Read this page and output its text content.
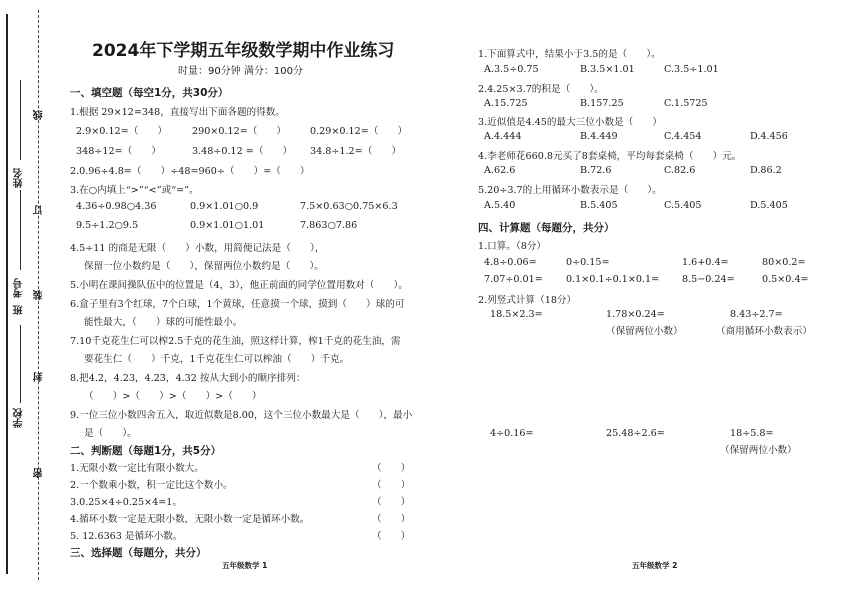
线
姓名
订
考号 装
班
封
学校
密
2024年下学期五年级数学期中作业练习
时量：90分钟 满分：100分
一、填空题（每空1分，共30分）
1.根据 29×12=348，直接写出下面各题的得数。
2.9×0.12=（　　）	290×0.12=（　　） 0.29×0.12=（　　）
348÷12=（　　）	3.48÷0.12 =（　　） 34.8÷1.2=（　　）
2.0.96÷4.8=（　　）÷48=960÷（　　）=（　　）
3.在○内填上“>”“<”或“=”。
4.36÷0.98○4.36	0.9×1.01○0.9	7.5×0.63○0.75×6.3
9.5÷1.2○9.5	0.9×1.01○1.01	7.863○7.86̇
4.5÷11 的商是无限（　　）小数，用简便记法是（　　），
保留一位小数约是（　　），保留两位小数约是（　　）。
5.小明在课间操队伍中的位置是（4，3），他正前面的同学位置用数对（　　）。
6.盒子里有3个红球，7个白球，1个黄球，任意摸一个球，摸到（　　）球的可
能性最大，（　　）球的可能性最小。
7.10千克花生仁可以榨2.5千克的花生油，照这样计算，榨1千克的花生油，需
要花生仁（　　）千克，1千克花生仁可以榨油（　　）千克。
8.把4.2̇，4.23，4.2̇3̇，4.32 按从大到小的顺序排列：
（　　）>（　　）>（　　）>（　　）
9.一位三位小数四舍五入，取近似数是8.00，这个三位小数最大是（　　），最小
是（　　）。
二、判断题（每题1分，共5分）
1.无限小数一定比有限小数大。	（　　）
2.一个数乘小数，积一定比这个数小。	（　　）
3.0.25×4÷0.25×4=1。	（　　）
4.循环小数一定是无限小数，无限小数一定是循环小数。	（　　）
5. 12.6363 是循环小数。	（　　）
三、选择题（每题分，共分）
五年级数学 1
1.下面算式中，结果小于3.5的是（　　）。
A.3.5÷0.75	B.3.5×1.01	C.3.5÷1.01
2.4.25×3.7的积是（　　）。
A.15.725	B.157.25	C.1.5725
3.近似值是4.45的最大三位小数是（　　）
A.4.444	B.4.449	C.4.454	D.4.456
4.李老师花660.8元买了8套桌椅，平均每套桌椅（　　）元。
A.62.6	B.72.6	C.82.6	D.86.2
5.20÷3.7的上用循环小数表示是（　　）。
A.5.4̇0̇	B.5.40̇5̇	C.5.4̇05̇	D.5.4̇05̇
四、计算题（每题分，共分）
1.口算。（8分）
4.8÷0.06=	0÷0.15=	1.6+0.4=	80×0.2=
7.07÷0.01= 0.1×0.1÷0.1×0.1= 8.5−0.24=	0.5×0.4=
2.列竖式计算（18分）
18.5×2.3=	1.78×0.24=	8.43÷2.7=
（保留两位小数）	（商用循环小数表示）
4÷0.16=	25.48÷2.6=	18÷5.8=
（保留两位小数）
五年级数学 2
